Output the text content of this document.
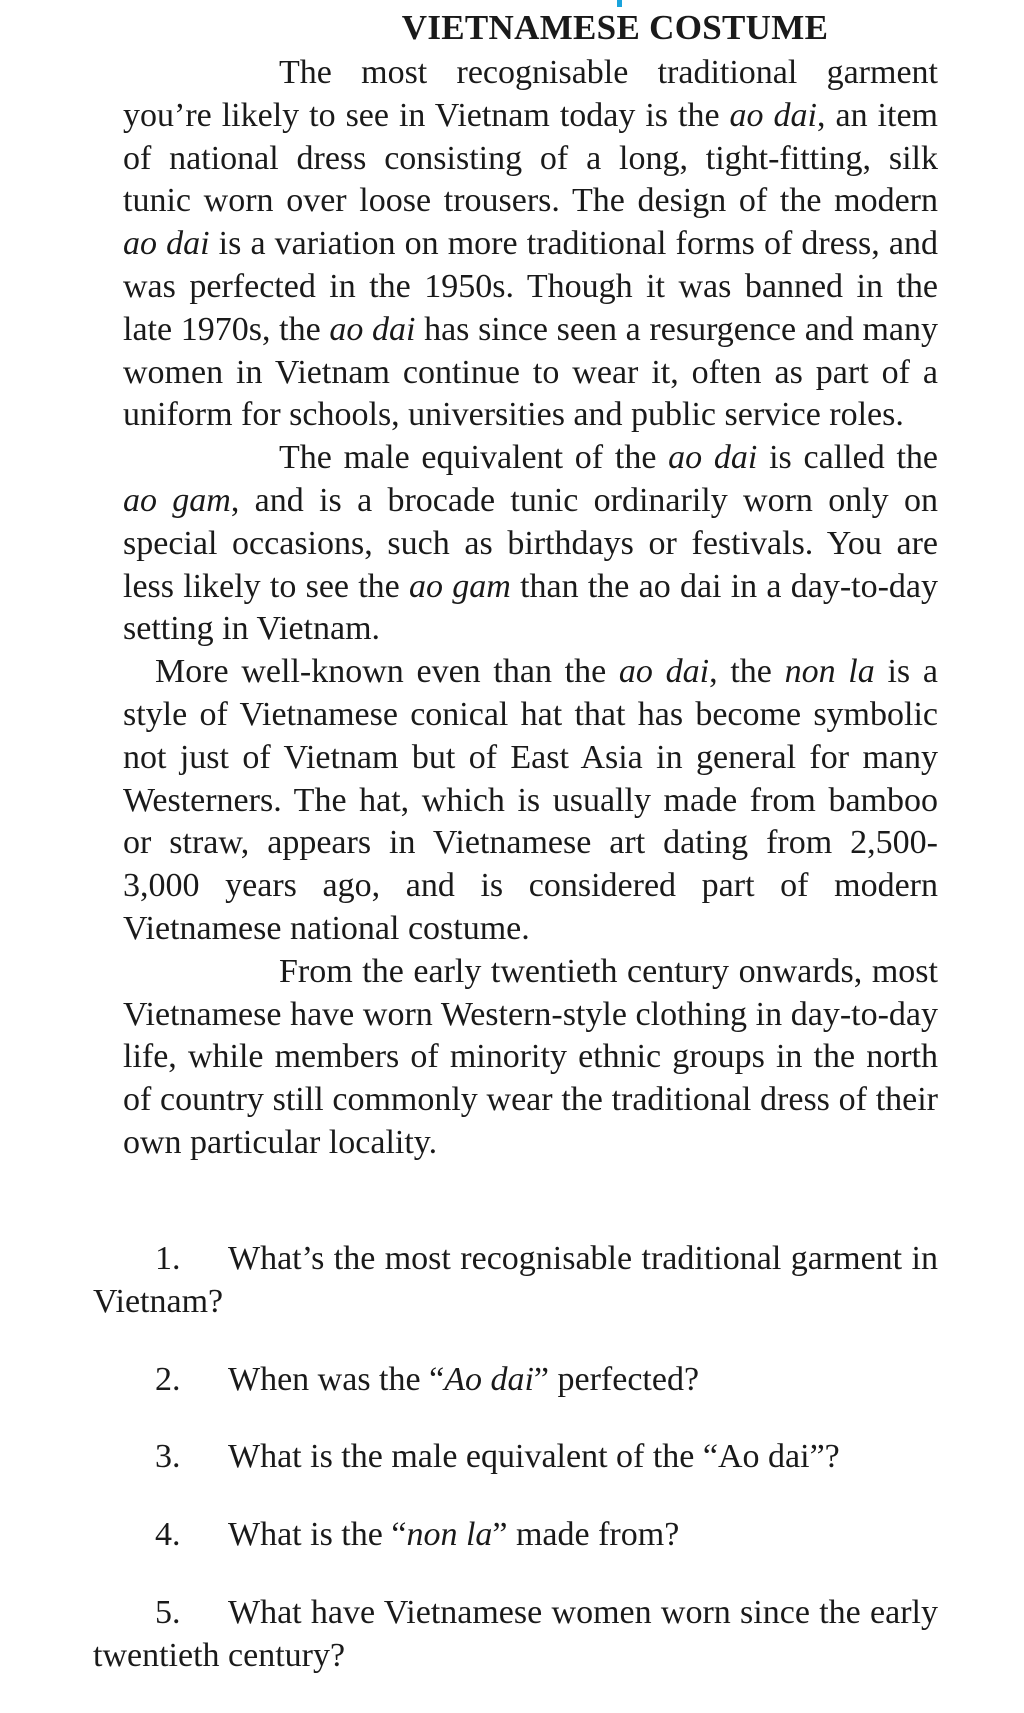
VIETNAMESE COSTUME

The most recognisable traditional garment you’re likely to see in Vietnam today is the ao dai, an item of national dress consisting of a long, tight-fitting, silk tunic worn over loose trousers. The design of the modern ao dai is a variation on more traditional forms of dress, and was perfected in the 1950s. Though it was banned in the late 1970s, the ao dai has since seen a resurgence and many women in Vietnam continue to wear it, often as part of a uniform for schools, universities and public service roles.

The male equivalent of the ao dai is called the ao gam, and is a brocade tunic ordinarily worn only on special occasions, such as birthdays or festivals. You are less likely to see the ao gam than the ao dai in a day-to-day setting in Vietnam.

More well-known even than the ao dai, the non la is a style of Vietnamese conical hat that has become symbolic not just of Vietnam but of East Asia in general for many Westerners. The hat, which is usually made from bamboo or straw, appears in Vietnamese art dating from 2,500-3,000 years ago, and is considered part of modern Vietnamese national costume.

From the early twentieth century onwards, most Vietnamese have worn Western-style clothing in day-to-day life, while members of minority ethnic groups in the north of country still commonly wear the traditional dress of their own particular locality.

1. What’s the most recognisable traditional garment in Vietnam?

2. When was the “Ao dai” perfected?

3. What is the male equivalent of the “Ao dai”?

4. What is the “non la” made from?

5. What have Vietnamese women worn since the early twentieth century?
